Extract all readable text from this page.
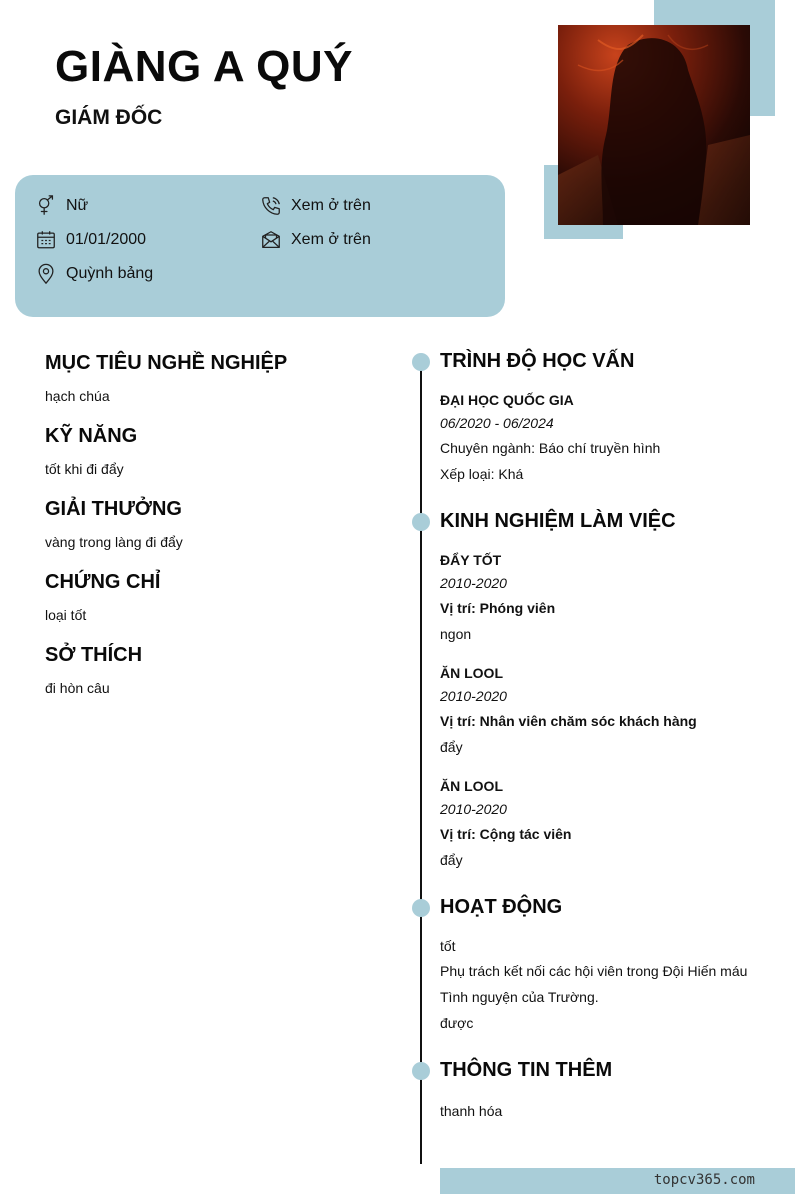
GIÀNG A QUÝ
GIÁM ĐỐC
Nữ
01/01/2000
Quỳnh bảng
Xem ở trên
Xem ở trên
MỤC TIÊU NGHỀ NGHIỆP
hạch chúa
KỸ NĂNG
tốt khi đi đẩy
GIẢI THƯỞNG
vàng trong làng đi đẩy
CHỨNG CHỈ
loại tốt
SỞ THÍCH
đi hòn câu
TRÌNH ĐỘ HỌC VẤN
ĐẠI HỌC QUỐC GIA
06/2020 - 06/2024
Chuyên ngành: Báo chí truyền hình
Xếp loại: Khá
KINH NGHIỆM LÀM VIỆC
ĐẨY TỐT
2010-2020
Vị trí: Phóng viên
ngon
ĂN LOOL
2010-2020
Vị trí: Nhân viên chăm sóc khách hàng
đẩy
ĂN LOOL
2010-2020
Vị trí: Cộng tác viên
đẩy
HOẠT ĐỘNG
tốt
Phụ trách kết nối các hội viên trong Đội Hiến máu
Tình nguyện của Trường.
được
THÔNG TIN THÊM
thanh hóa
topcv365.com
